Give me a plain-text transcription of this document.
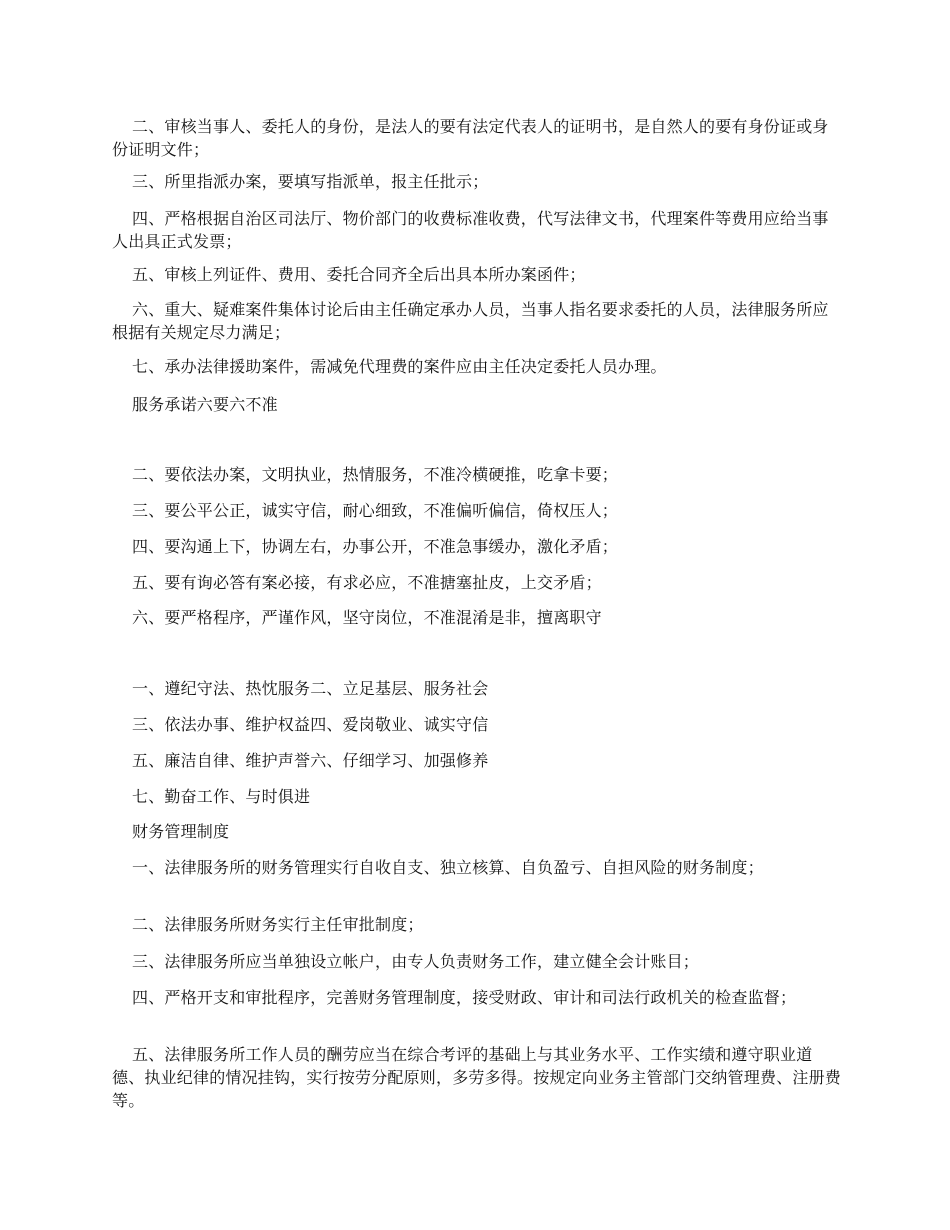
二、审核当事人、委托人的身份，是法人的要有法定代表人的证明书，是自然人的要有身份证或身份证明文件；

三、所里指派办案，要填写指派单，报主任批示；

四、严格根据自治区司法厅、物价部门的收费标准收费，代写法律文书，代理案件等费用应给当事人出具正式发票；

五、审核上列证件、费用、委托合同齐全后出具本所办案函件；

六、重大、疑难案件集体讨论后由主任确定承办人员，当事人指名要求委托的人员，法律服务所应根据有关规定尽力满足；

七、承办法律援助案件，需减免代理费的案件应由主任决定委托人员办理。

服务承诺六要六不准

二、要依法办案，文明执业，热情服务，不准冷横硬推，吃拿卡要；

三、要公平公正，诚实守信，耐心细致，不准偏听偏信，倚权压人；

四、要沟通上下，协调左右，办事公开，不准急事缓办，激化矛盾；

五、要有询必答有案必接，有求必应，不准搪塞扯皮，上交矛盾；

六、要严格程序，严谨作风，坚守岗位，不准混淆是非，擅离职守

一、遵纪守法、热忱服务二、立足基层、服务社会

三、依法办事、维护权益四、爱岗敬业、诚实守信

五、廉洁自律、维护声誉六、仔细学习、加强修养

七、勤奋工作、与时俱进

财务管理制度

一、法律服务所的财务管理实行自收自支、独立核算、自负盈亏、自担风险的财务制度；

二、法律服务所财务实行主任审批制度；

三、法律服务所应当单独设立帐户，由专人负责财务工作，建立健全会计账目；

四、严格开支和审批程序，完善财务管理制度，接受财政、审计和司法行政机关的检查监督；

五、法律服务所工作人员的酬劳应当在综合考评的基础上与其业务水平、工作实绩和遵守职业道德、执业纪律的情况挂钩，实行按劳分配原则，多劳多得。按规定向业务主管部门交纳管理费、注册费等。
